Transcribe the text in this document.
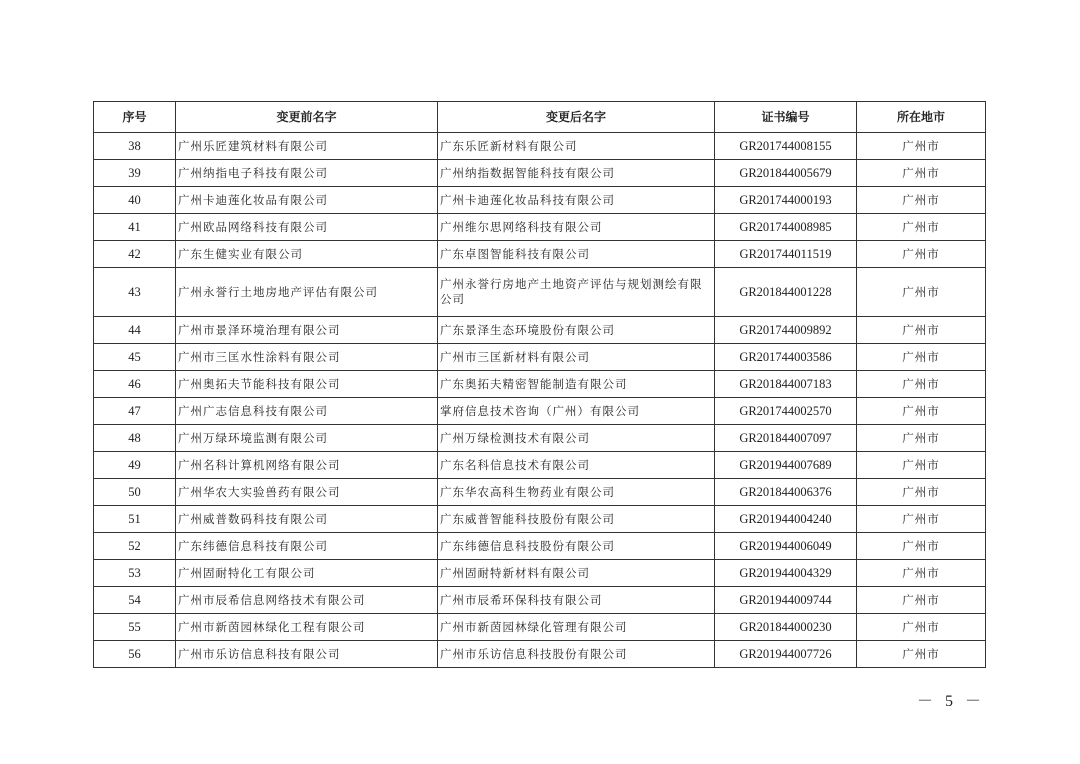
序号	变更前名字	变更后名字	证书编号	所在地市
38	广州乐匠建筑材料有限公司	广东乐匠新材料有限公司	GR201744008155	广州市
39	广州纳指电子科技有限公司	广州纳指数据智能科技有限公司	GR201844005679	广州市
40	广州卡迪莲化妆品有限公司	广州卡迪莲化妆品科技有限公司	GR201744000193	广州市
41	广州欧品网络科技有限公司	广州维尔思网络科技有限公司	GR201744008985	广州市
42	广东生健实业有限公司	广东卓图智能科技有限公司	GR201744011519	广州市
43	广州永誉行土地房地产评估有限公司	广州永誉行房地产土地资产评估与规划测绘有限公司	GR201844001228	广州市
44	广州市景泽环境治理有限公司	广东景泽生态环境股份有限公司	GR201744009892	广州市
45	广州市三匡水性涂料有限公司	广州市三匡新材料有限公司	GR201744003586	广州市
46	广州奥拓夫节能科技有限公司	广东奥拓夫精密智能制造有限公司	GR201844007183	广州市
47	广州广志信息科技有限公司	掌府信息技术咨询（广州）有限公司	GR201744002570	广州市
48	广州万绿环境监测有限公司	广州万绿检测技术有限公司	GR201844007097	广州市
49	广州名科计算机网络有限公司	广东名科信息技术有限公司	GR201944007689	广州市
50	广州华农大实验兽药有限公司	广东华农高科生物药业有限公司	GR201844006376	广州市
51	广州威普数码科技有限公司	广东威普智能科技股份有限公司	GR201944004240	广州市
52	广东纬德信息科技有限公司	广东纬德信息科技股份有限公司	GR201944006049	广州市
53	广州固耐特化工有限公司	广州固耐特新材料有限公司	GR201944004329	广州市
54	广州市辰希信息网络技术有限公司	广州市辰希环保科技有限公司	GR201944009744	广州市
55	广州市新茵园林绿化工程有限公司	广州市新茵园林绿化管理有限公司	GR201844000230	广州市
56	广州市乐访信息科技有限公司	广州市乐访信息科技股份有限公司	GR201944007726	广州市
－ 5 －
